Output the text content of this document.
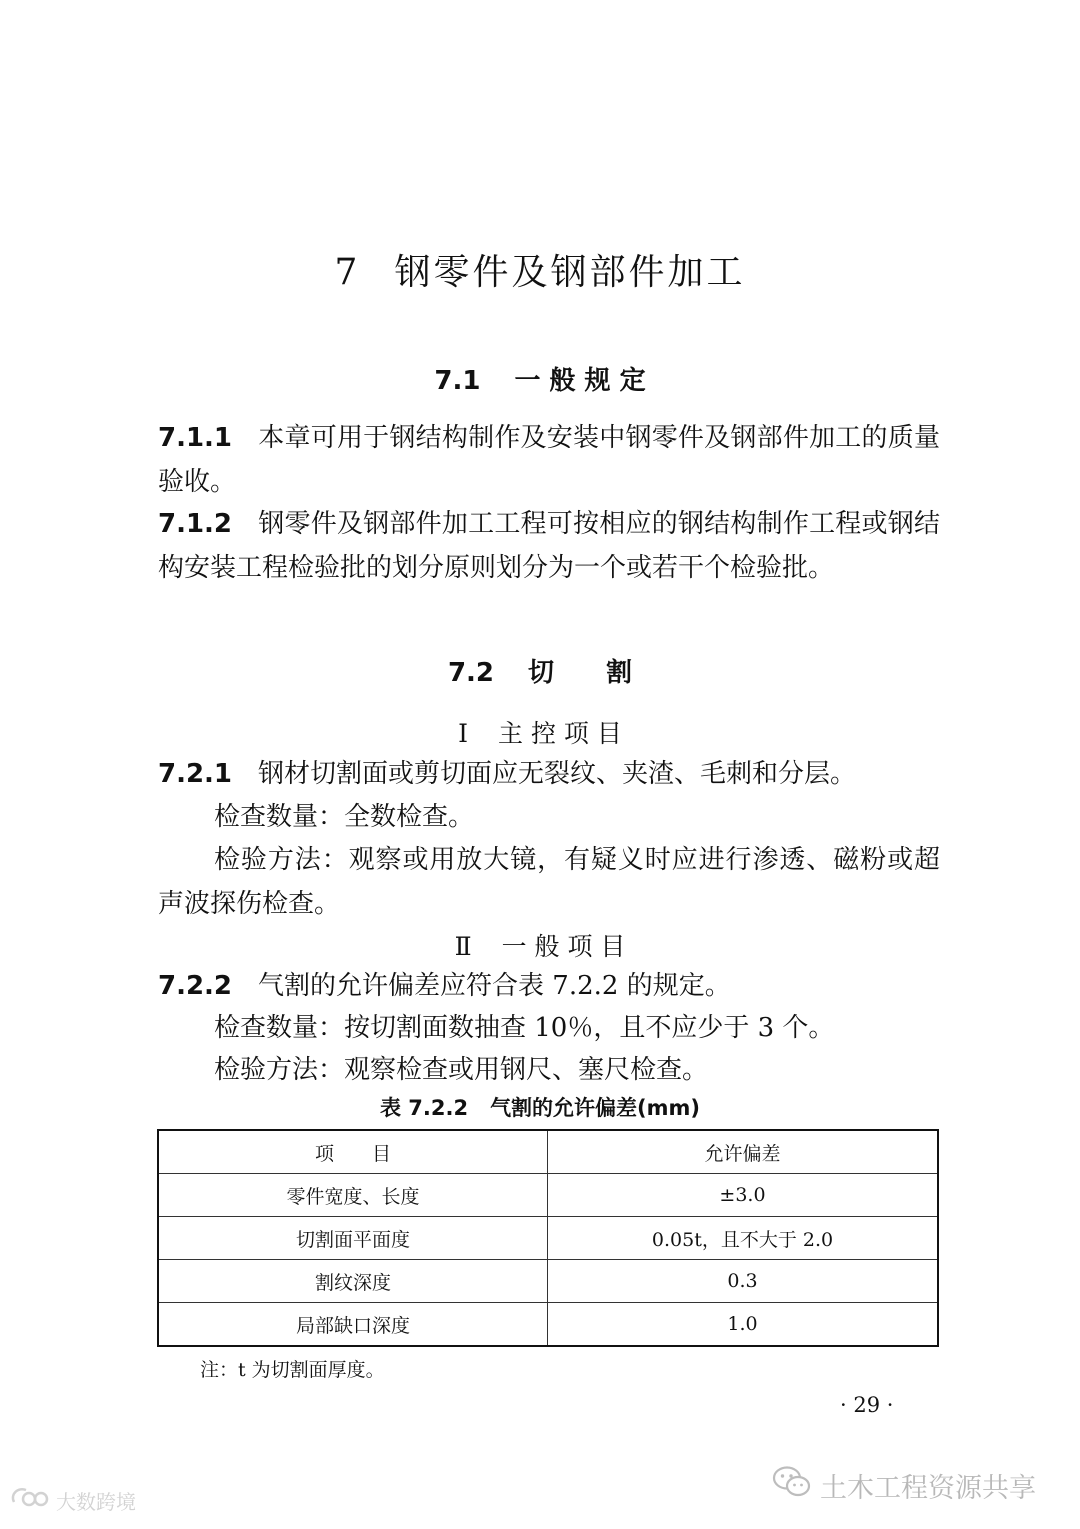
7 钢零件及钢部件加工
7.1 一 般 规 定
7.1.1 本章可用于钢结构制作及安装中钢零件及钢部件加工的质量验收。
7.1.2 钢零件及钢部件加工工程可按相应的钢结构制作工程或钢结构安装工程检验批的划分原则划分为一个或若干个检验批。
7.2 切　　割
Ⅰ 主 控 项 目
7.2.1 钢材切割面或剪切面应无裂纹、夹渣、毛刺和分层。
检查数量：全数检查。
检验方法：观察或用放大镜，有疑义时应进行渗透、磁粉或超声波探伤检查。
Ⅱ 一 般 项 目
7.2.2 气割的允许偏差应符合表 7.2.2 的规定。
检查数量：按切割面数抽查 10％，且不应少于 3 个。
检验方法：观察检查或用钢尺、塞尺检查。
表 7.2.2 气割的允许偏差(mm)
项　　目	允许偏差
零件宽度、长度	±3.0
切割面平面度	0.05t，且不大于 2.0
割纹深度	0.3
局部缺口深度	1.0
注：t 为切割面厚度。
· 29 ·
土木工程资源共享
大数跨境
